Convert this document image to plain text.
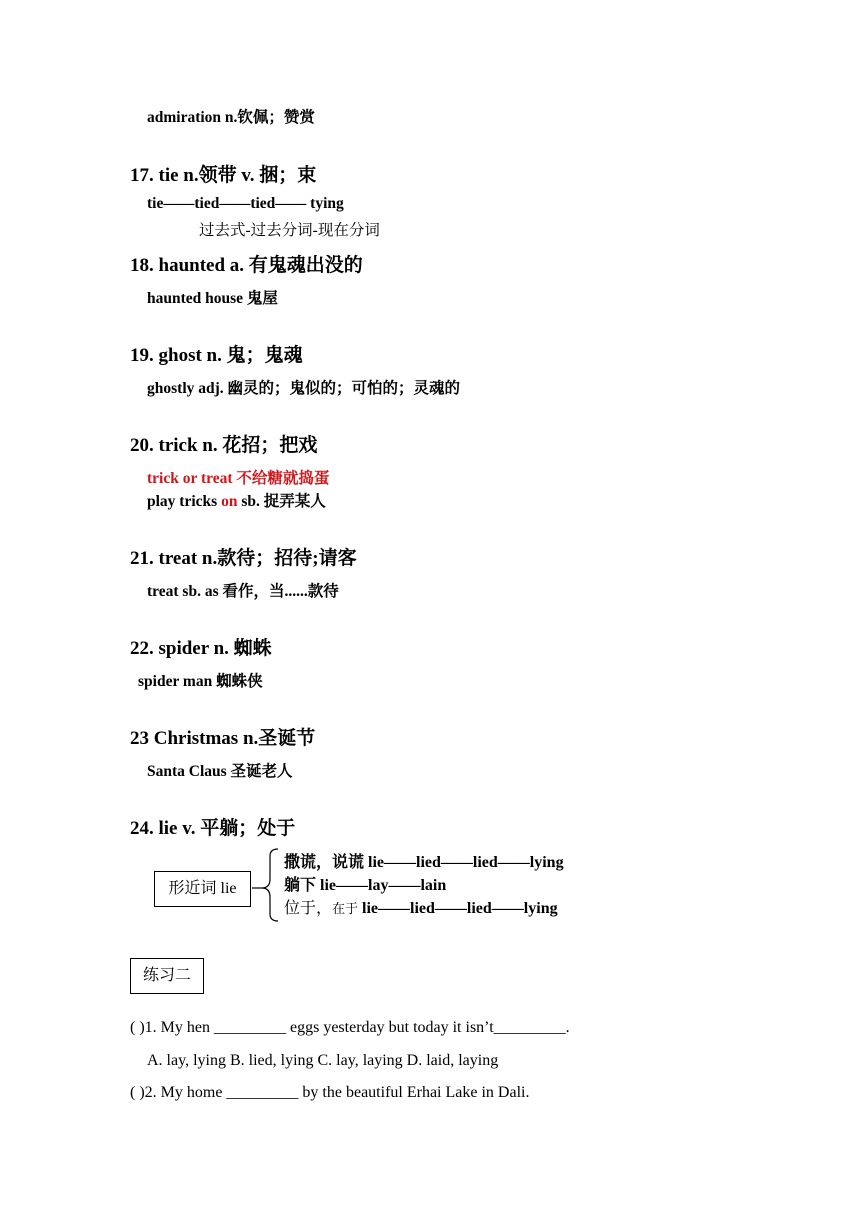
admiration n.钦佩；赞赏
17. tie n.领带 v. 捆；束
tie——tied——tied—— tying
过去式-过去分词-现在分词
18. haunted a. 有鬼魂出没的
haunted house 鬼屋
19. ghost n. 鬼；鬼魂
ghostly adj. 幽灵的；鬼似的；可怕的；灵魂的
20. trick n. 花招；把戏
trick or treat 不给糖就捣蛋
play tricks on sb. 捉弄某人
21. treat n.款待；招待;请客
treat sb. as 看作，当......款待
22. spider n. 蜘蛛
spider man 蜘蛛侠
23 Christmas n.圣诞节
Santa Claus 圣诞老人
24. lie v. 平躺；处于
形近词 lie
撒谎，说谎 lie——lied——lied——lying
躺下 lie——lay——lain
位于，在于 lie——lied——lied——lying
练习二
( )1. My hen _________ eggs yesterday but today it isn’t_________.
A. lay, lying B. lied, lying C. lay, laying D. laid, laying
( )2. My home _________ by the beautiful Erhai Lake in Dali.
